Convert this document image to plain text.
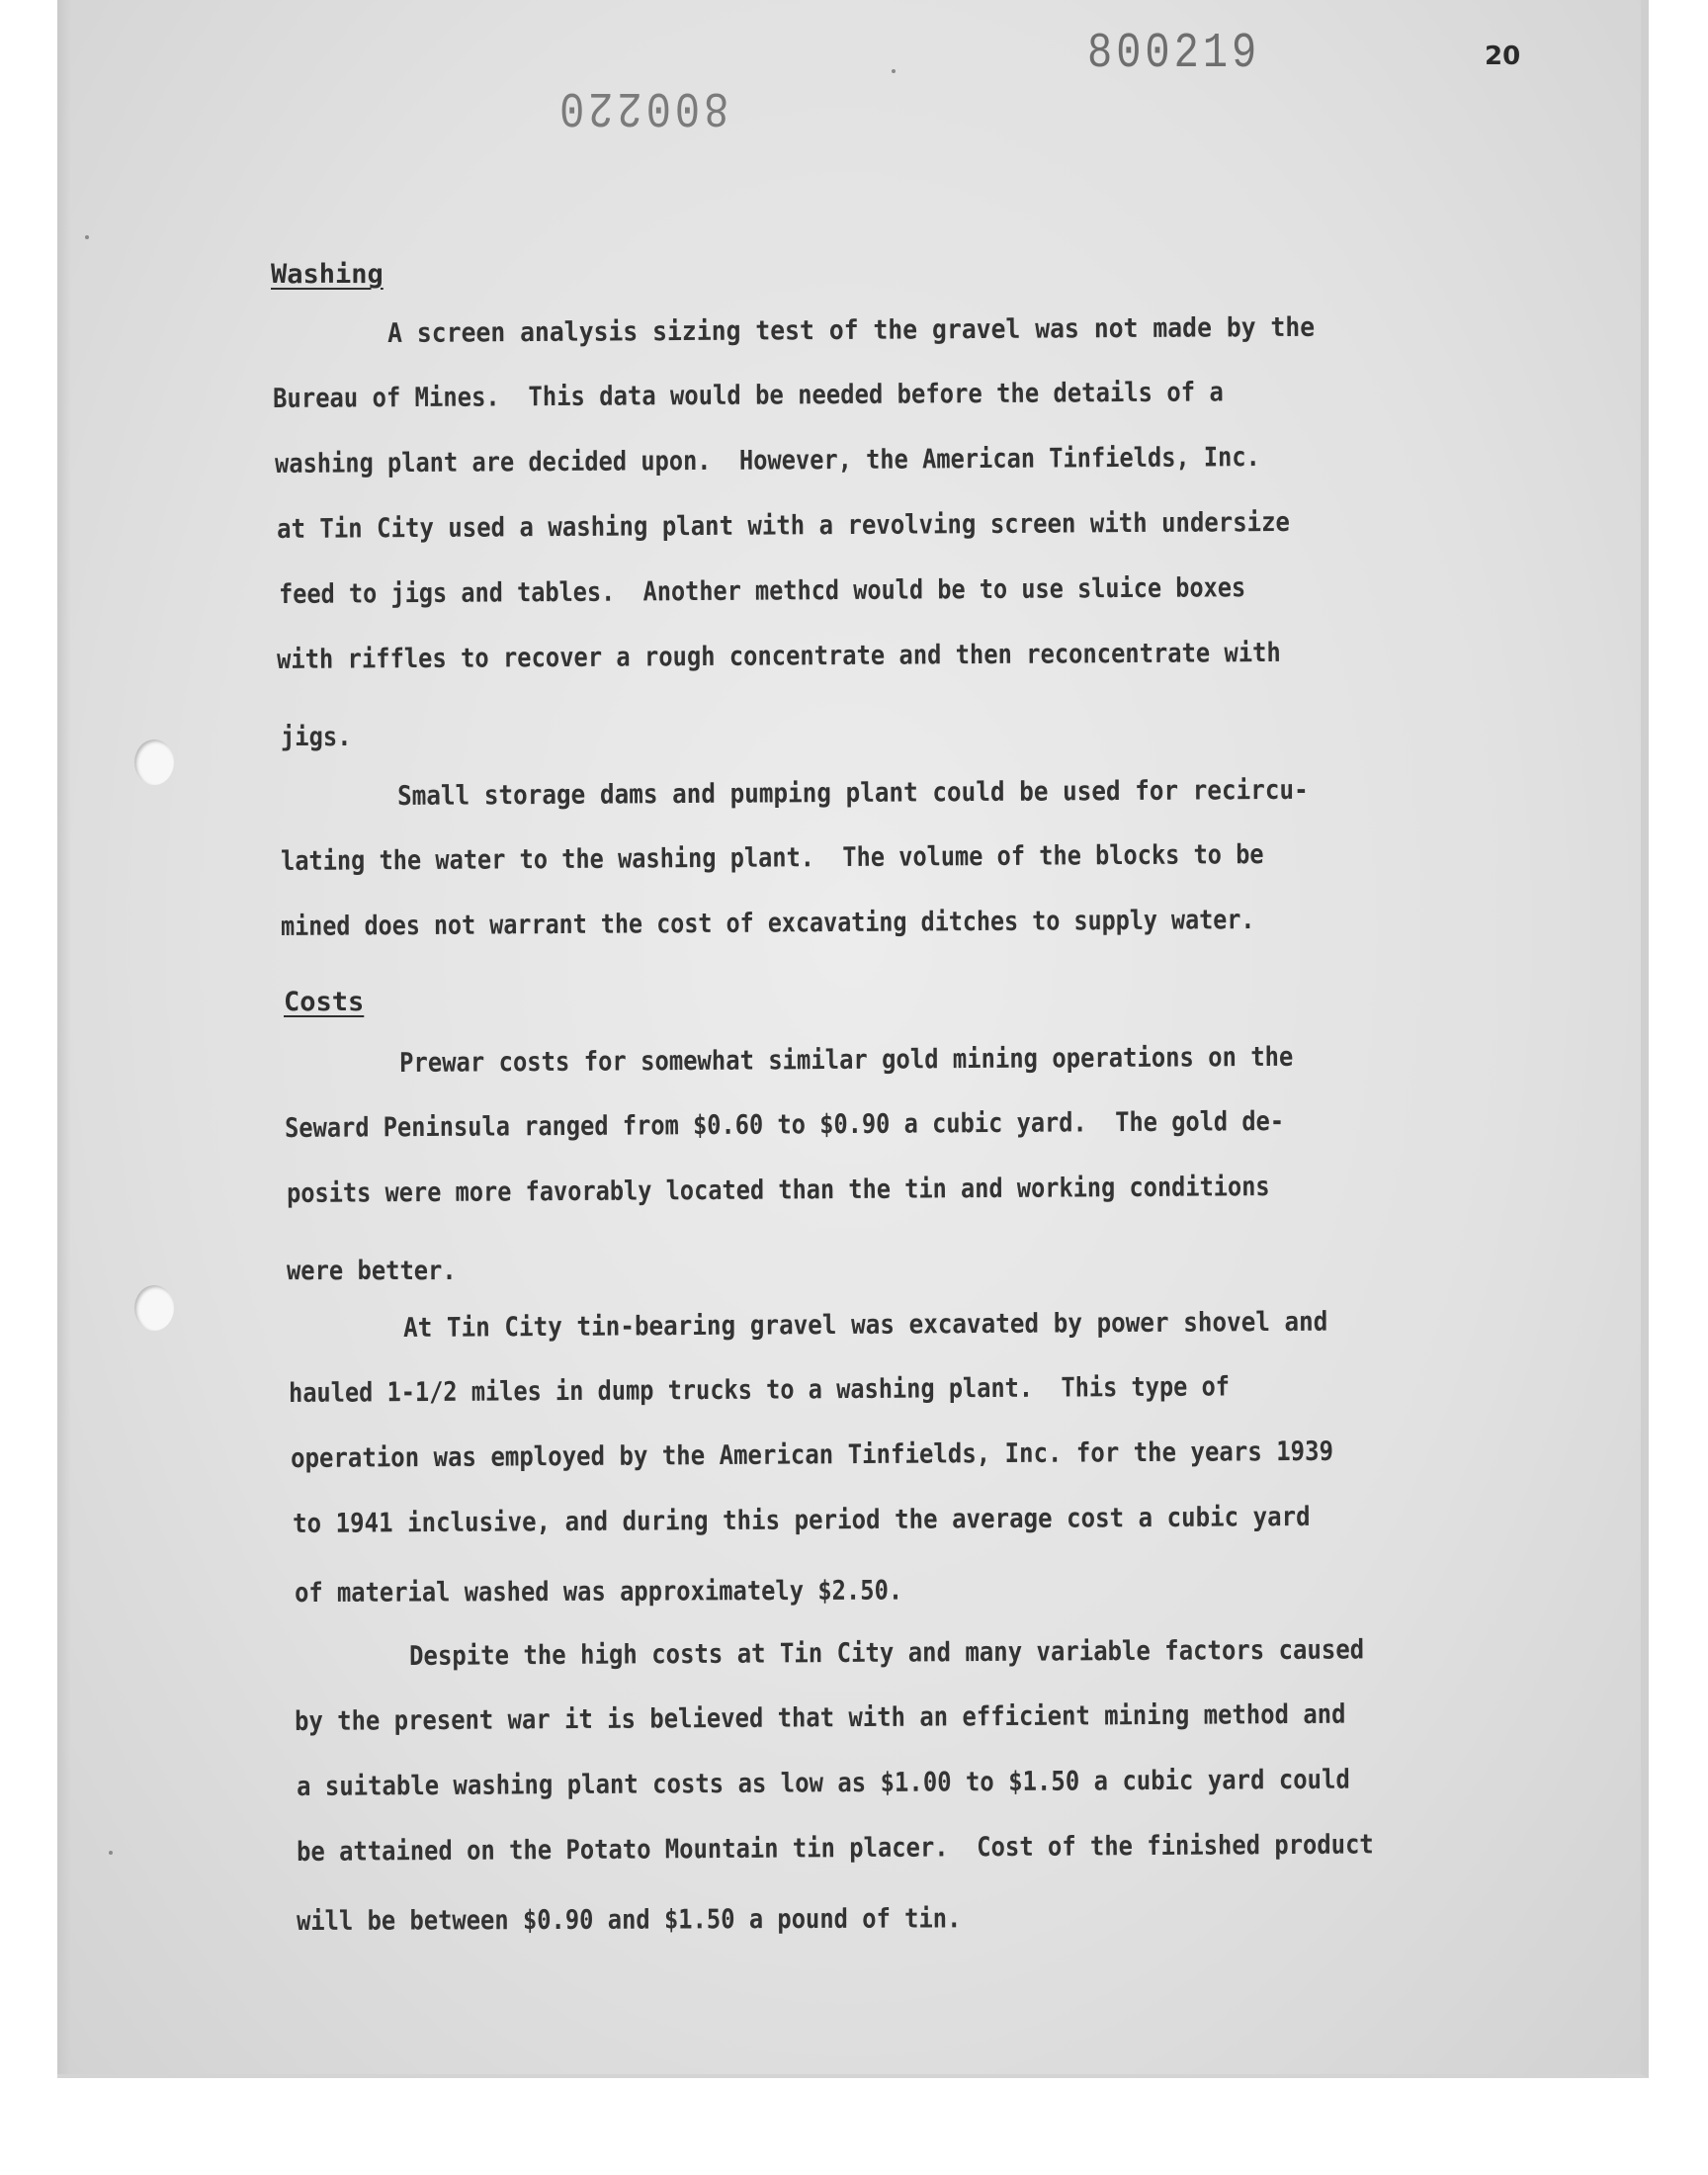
800219
800220
20
Washing
A screen analysis sizing test of the gravel was not made by the
Bureau of Mines.  This data would be needed before the details of a
washing plant are decided upon.  However, the American Tinfields, Inc.
at Tin City used a washing plant with a revolving screen with undersize
feed to jigs and tables.  Another methcd would be to use sluice boxes
with riffles to recover a rough concentrate and then reconcentrate with
jigs.
Small storage dams and pumping plant could be used for recircu-
lating the water to the washing plant.  The volume of the blocks to be
mined does not warrant the cost of excavating ditches to supply water.
Costs
Prewar costs for somewhat similar gold mining operations on the
Seward Peninsula ranged from $0.60 to $0.90 a cubic yard.  The gold de-
posits were more favorably located than the tin and working conditions
were better.
At Tin City tin-bearing gravel was excavated by power shovel and
hauled 1-1/2 miles in dump trucks to a washing plant.  This type of
operation was employed by the American Tinfields, Inc. for the years 1939
to 1941 inclusive, and during this period the average cost a cubic yard
of material washed was approximately $2.50.
Despite the high costs at Tin City and many variable factors caused
by the present war it is believed that with an efficient mining method and
a suitable washing plant costs as low as $1.00 to $1.50 a cubic yard could
be attained on the Potato Mountain tin placer.  Cost of the finished product
will be between $0.90 and $1.50 a pound of tin.
